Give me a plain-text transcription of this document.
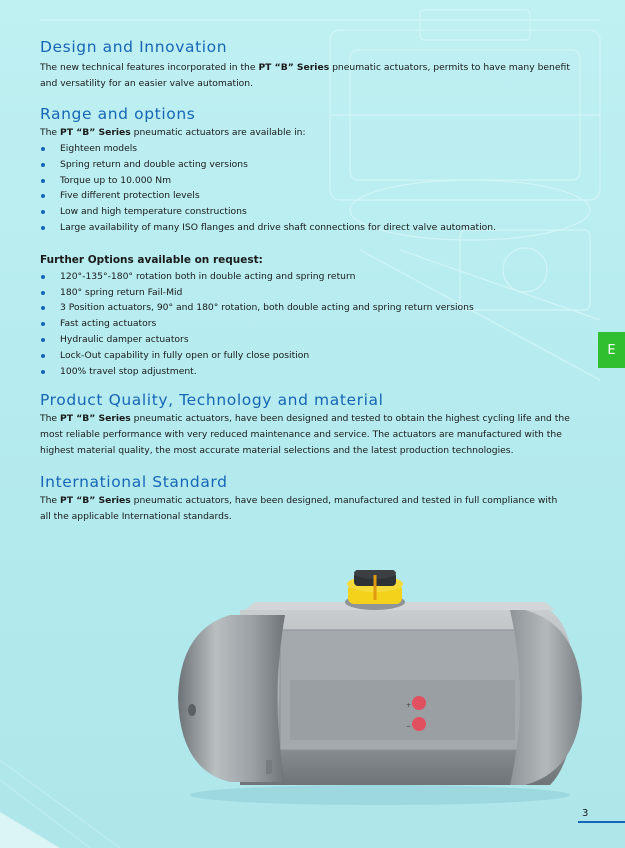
Design and Innovation

The new technical features incorporated in the PT “B” Series pneumatic actuators, permits to have many benefit and versatility for an easier valve automation.

Range and options

The PT “B” Series pneumatic actuators are available in:

Eighteen models
Spring return and double acting versions
Torque up to 10.000 Nm
Five different protection levels
Low and high temperature constructions
Large availability of many ISO flanges and drive shaft connections for direct valve automation.
Further Options available on request:
120°-135°-180° rotation both in double acting and spring return
180° spring return Fail-Mid
3 Position actuators, 90° and 180° rotation, both double acting and spring return versions
Fast acting actuators
Hydraulic damper actuators
Lock-Out capability in fully open or fully close position
100% travel stop adjustment.
Product Quality, Technology and material

The PT “B” Series pneumatic actuators, have been designed and tested to obtain the highest cycling life and the most reliable performance with very reduced maintenance and service. The actuators are manufactured with the highest material quality, the most accurate material selections and the latest production technologies.

International Standard

The PT “B” Series pneumatic actuators, have been designed, manufactured and tested in full compliance with all the applicable International standards.

E
+
−
3
